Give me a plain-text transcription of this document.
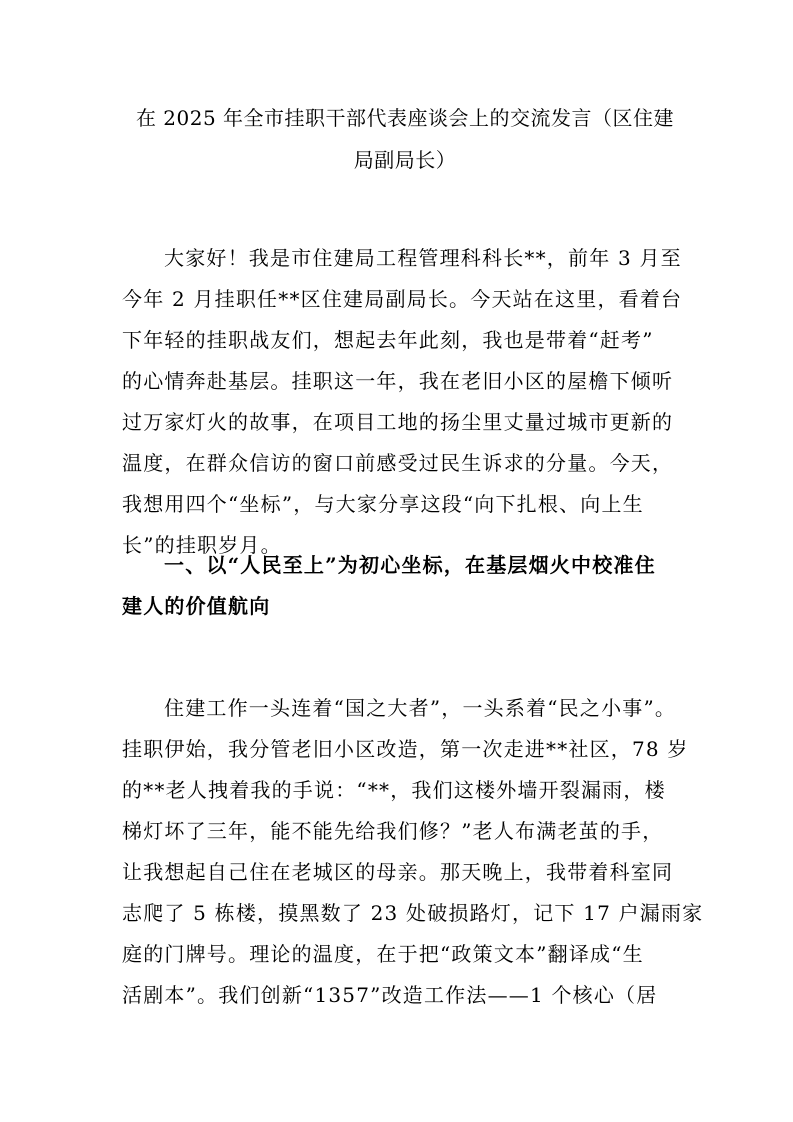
在 2025 年全市挂职干部代表座谈会上的交流发言（区住建
局副局长）
大家好！我是市住建局工程管理科科长**，前年 3 月至
今年 2 月挂职任**区住建局副局长。今天站在这里，看着台
下年轻的挂职战友们，想起去年此刻，我也是带着“赶考”
的心情奔赴基层。挂职这一年，我在老旧小区的屋檐下倾听
过万家灯火的故事，在项目工地的扬尘里丈量过城市更新的
温度，在群众信访的窗口前感受过民生诉求的分量。今天，
我想用四个“坐标”，与大家分享这段“向下扎根、向上生
长”的挂职岁月。
一、以“人民至上”为初心坐标，在基层烟火中校准住
建人的价值航向
住建工作一头连着“国之大者”，一头系着“民之小事”。
挂职伊始，我分管老旧小区改造，第一次走进**社区，78 岁
的**老人拽着我的手说：“**，我们这楼外墙开裂漏雨，楼
梯灯坏了三年，能不能先给我们修？”老人布满老茧的手，
让我想起自己住在老城区的母亲。那天晚上，我带着科室同
志爬了 5 栋楼，摸黑数了 23 处破损路灯，记下 17 户漏雨家
庭的门牌号。理论的温度，在于把“政策文本”翻译成“生
活剧本”。我们创新“1357”改造工作法——1 个核心（居
